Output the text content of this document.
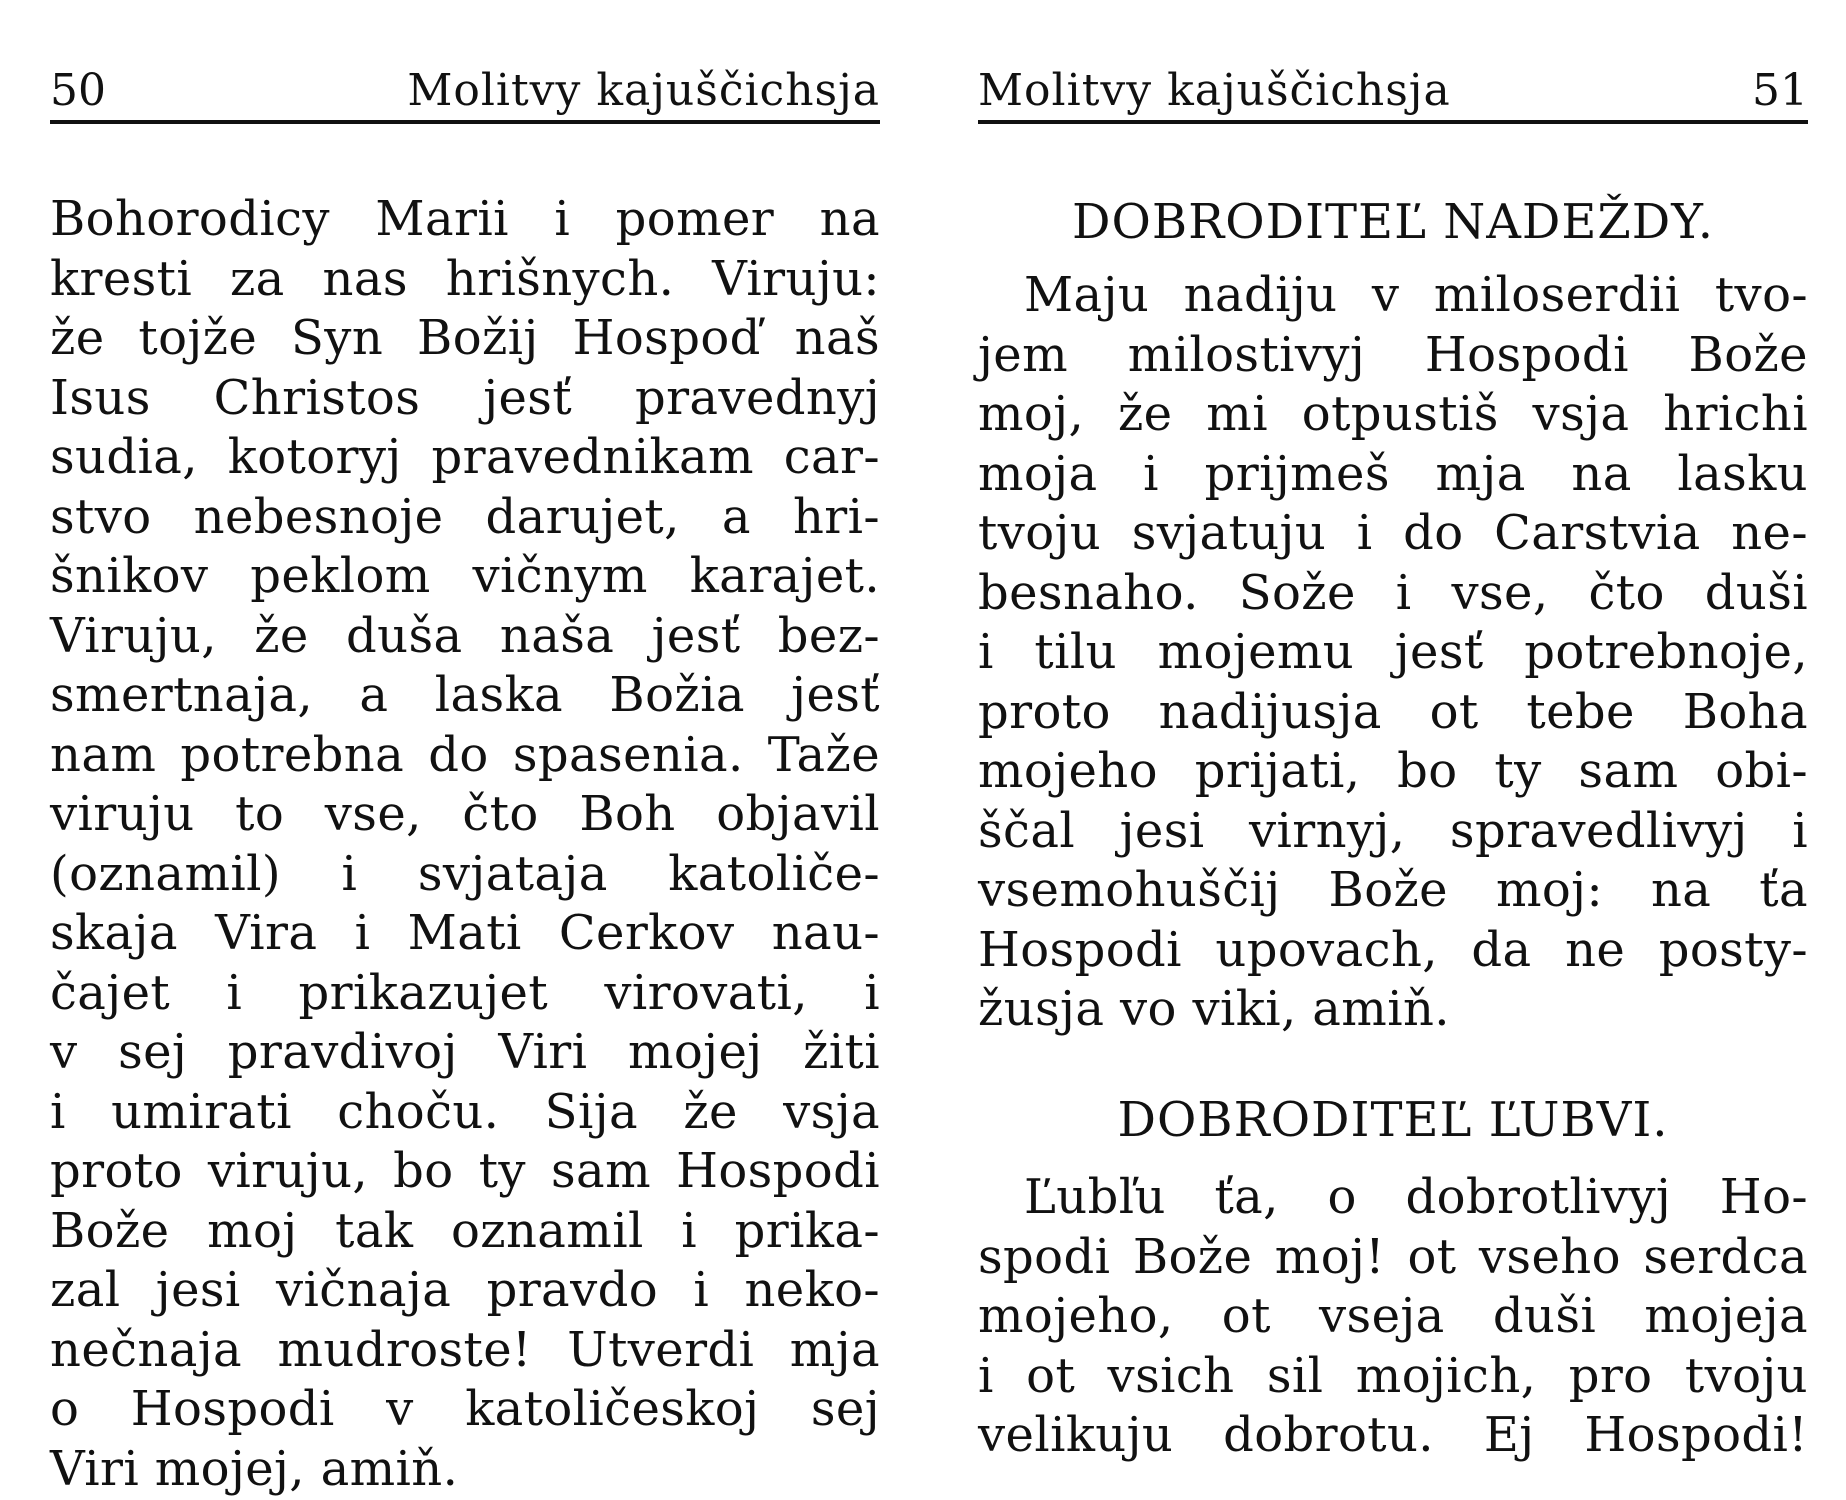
50	Molitvy kajuščichsja
Bohorodicy Marii i pomer na
kresti za nas hrišnych. Viruju:
že tojže Syn Božij Hospoď naš
Isus Christos jesť pravednyj
sudia, kotoryj pravednikam car-
stvo nebesnoje darujet, a hri-
šnikov peklom vičnym karajet.
Viruju, že duša naša jesť bez-
smertnaja, a laska Božia jesť
nam potrebna do spasenia. Taže
viruju to vse, čto Boh objavil
(oznamil) i svjataja katoliče-
skaja Vira i Mati Cerkov nau-
čajet i prikazujet virovati, i
v sej pravdivoj Viri mojej žiti
i umirati choču. Sija že vsja
proto viruju, bo ty sam Hospodi
Bože moj tak oznamil i prika-
zal jesi vičnaja pravdo i neko-
nečnaja mudroste! Utverdi mja
o Hospodi v katoličeskoj sej
Viri mojej, amiň.
Molitvy kajuščichsja	51
DOBRODITEĽ NADEŽDY.
Maju nadiju v miloserdii tvo-
jem milostivyj Hospodi Bože
moj, že mi otpustiš vsja hrichi
moja i prijmeš mja na lasku
tvoju svjatuju i do Carstvia ne-
besnaho. Sože i vse, čto duši
i tilu mojemu jesť potrebnoje,
proto nadijusja ot tebe Boha
mojeho prijati, bo ty sam obi-
ščal jesi virnyj, spravedlivyj i
vsemohuščij Bože moj: na ťa
Hospodi upovach, da ne posty-
žusja vo viki, amiň.
DOBRODITEĽ ĽUBVI.
Ľubľu ťa, o dobrotlivyj Ho-
spodi Bože moj! ot vseho serdca
mojeho, ot vseja duši mojeja
i ot vsich sil mojich, pro tvoju
velikuju dobrotu. Ej Hospodi!
